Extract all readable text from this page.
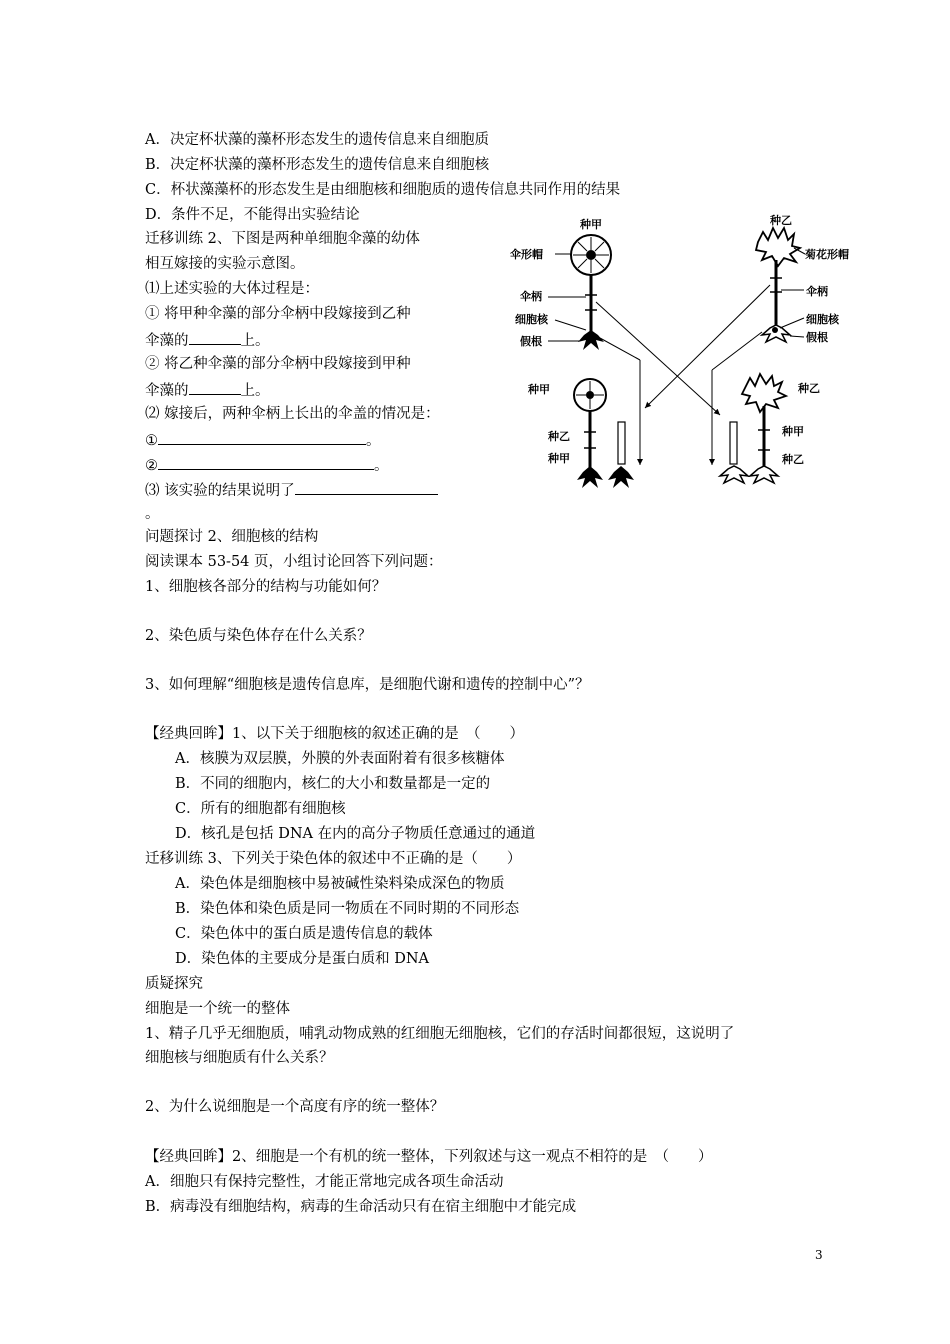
A．决定杯状藻的藻杯形态发生的遗传信息来自细胞质
B．决定杯状藻的藻杯形态发生的遗传信息来自细胞核
C．杯状藻藻杯的形态发生是由细胞核和细胞质的遗传信息共同作用的结果
D．条件不足，不能得出实验结论
迁移训练 2、下图是两种单细胞伞藻的幼体
相互嫁接的实验示意图。
⑴上述实验的大体过程是：
① 将甲种伞藻的部分伞柄中段嫁接到乙种
伞藻的	上。
② 将乙种伞藻的部分伞柄中段嫁接到甲种
伞藻的	上。
⑵ 嫁接后，两种伞柄上长出的伞盖的情况是：
①	。
②	。
⑶ 该实验的结果说明了
。
问题探讨 2、细胞核的结构
阅读课本 53-54 页，小组讨论回答下列问题：
1、细胞核各部分的结构与功能如何？
2、染色质与染色体存在什么关系？
3、如何理解“细胞核是遗传信息库，是细胞代谢和遗传的控制中心”？
【经典回眸】1、以下关于细胞核的叙述正确的是　（　　）
A．核膜为双层膜，外膜的外表面附着有很多核糖体
B．不同的细胞内，核仁的大小和数量都是一定的
C．所有的细胞都有细胞核
D．核孔是包括 DNA 在内的高分子物质任意通过的通道
迁移训练 3、下列关于染色体的叙述中不正确的是（　　）
A．染色体是细胞核中易被碱性染料染成深色的物质
B．染色体和染色质是同一物质在不同时期的不同形态
C．染色体中的蛋白质是遗传信息的载体
D．染色体的主要成分是蛋白质和 DNA
质疑探究
细胞是一个统一的整体
1、精子几乎无细胞质，哺乳动物成熟的红细胞无细胞核，它们的存活时间都很短，这说明了
细胞核与细胞质有什么关系？
2、为什么说细胞是一个高度有序的统一整体？
【经典回眸】2、细胞是一个有机的统一整体，下列叙述与这一观点不相符的是　（　　）
A．细胞只有保持完整性，才能正常地完成各项生命活动
B．病毒没有细胞结构，病毒的生命活动只有在宿主细胞中才能完成
3
种甲
伞形帽
伞柄
细胞核
假根
种乙
菊花形帽
伞柄
细胞核
假根
种甲
种乙
种甲
种乙
种甲
种乙
